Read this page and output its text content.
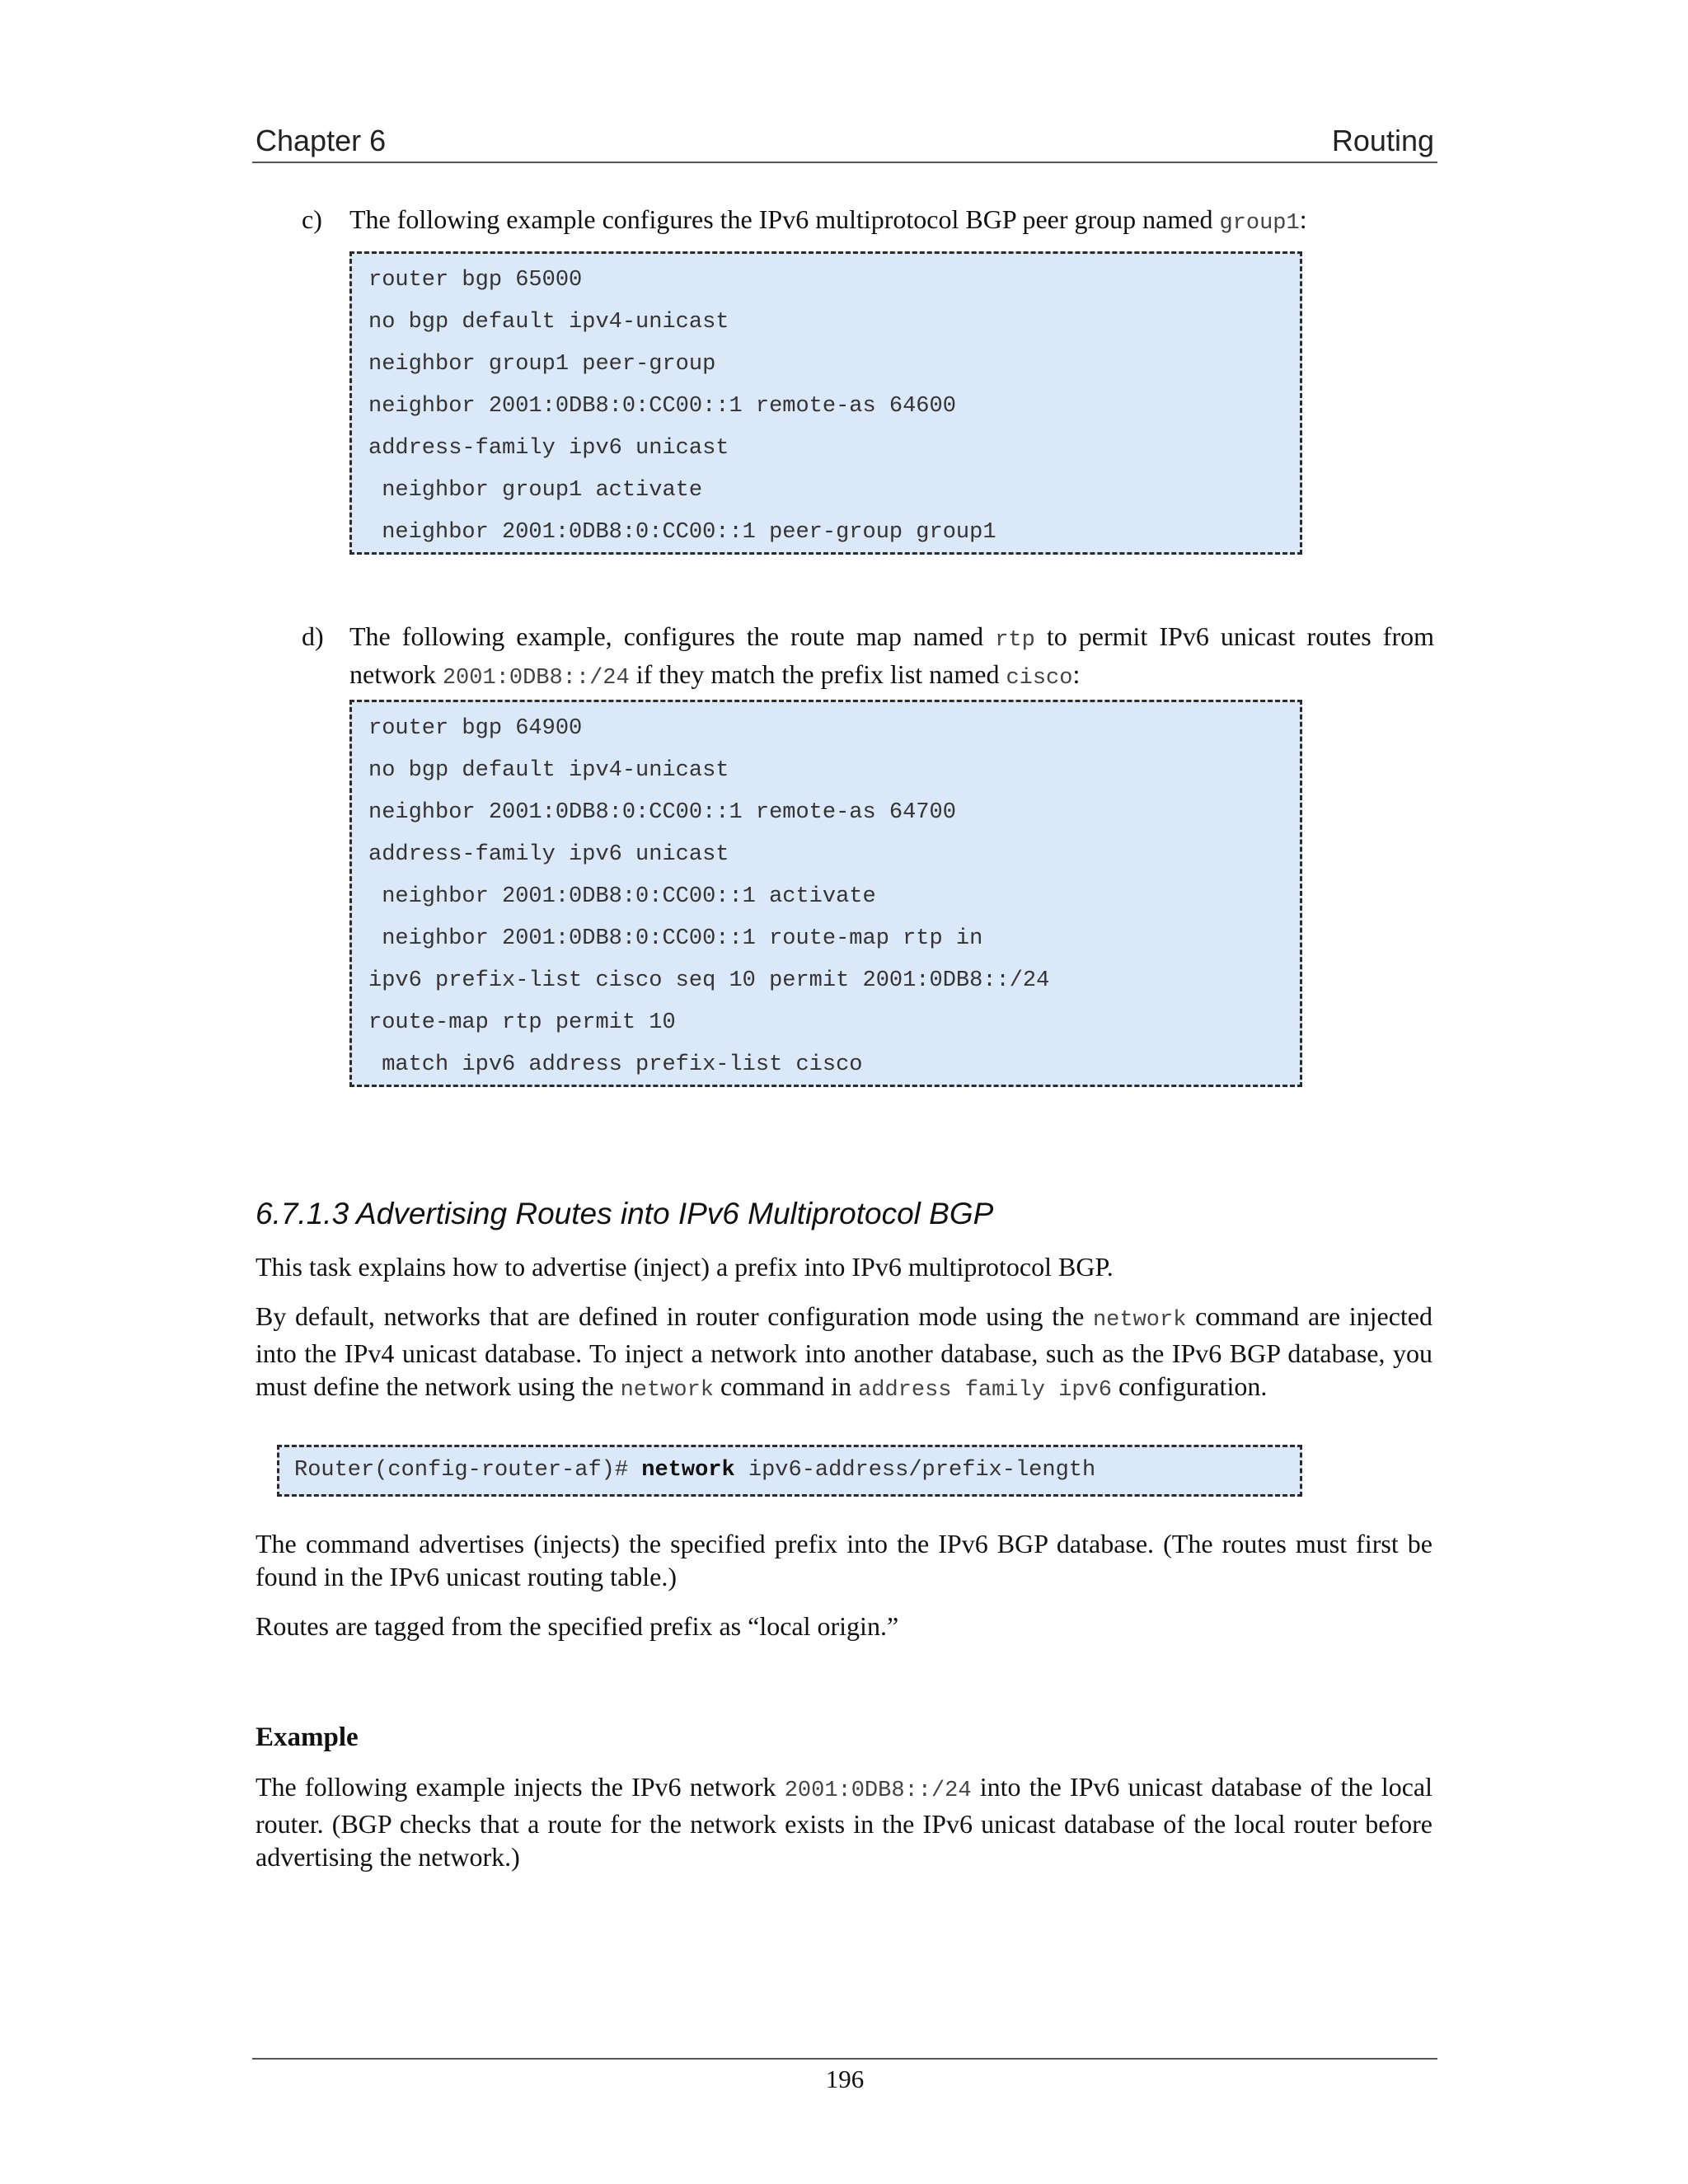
Chapter 6	Routing
c) The following example configures the IPv6 multiprotocol BGP peer group named group1:
router bgp 65000
no bgp default ipv4-unicast
neighbor group1 peer-group
neighbor 2001:0DB8:0:CC00::1 remote-as 64600
address-family ipv6 unicast
neighbor group1 activate
neighbor 2001:0DB8:0:CC00::1 peer-group group1
d) The following example, configures the route map named rtp to permit IPv6 unicast routes from network 2001:0DB8::/24 if they match the prefix list named cisco:
router bgp 64900
no bgp default ipv4-unicast
neighbor 2001:0DB8:0:CC00::1 remote-as 64700
address-family ipv6 unicast
neighbor 2001:0DB8:0:CC00::1 activate
neighbor 2001:0DB8:0:CC00::1 route-map rtp in
ipv6 prefix-list cisco seq 10 permit 2001:0DB8::/24
route-map rtp permit 10
match ipv6 address prefix-list cisco
6.7.1.3 Advertising Routes into IPv6 Multiprotocol BGP
This task explains how to advertise (inject) a prefix into IPv6 multiprotocol BGP.
By default, networks that are defined in router configuration mode using the network command are injected into the IPv4 unicast database. To inject a network into another database, such as the IPv6 BGP database, you must define the network using the network command in address family ipv6 configuration.
Router(config-router-af)# network ipv6-address/prefix-length
The command advertises (injects) the specified prefix into the IPv6 BGP database. (The routes must first be found in the IPv6 unicast routing table.)
Routes are tagged from the specified prefix as “local origin.”
Example
The following example injects the IPv6 network 2001:0DB8::/24 into the IPv6 unicast database of the local router. (BGP checks that a route for the network exists in the IPv6 unicast database of the local router before advertising the network.)
196
